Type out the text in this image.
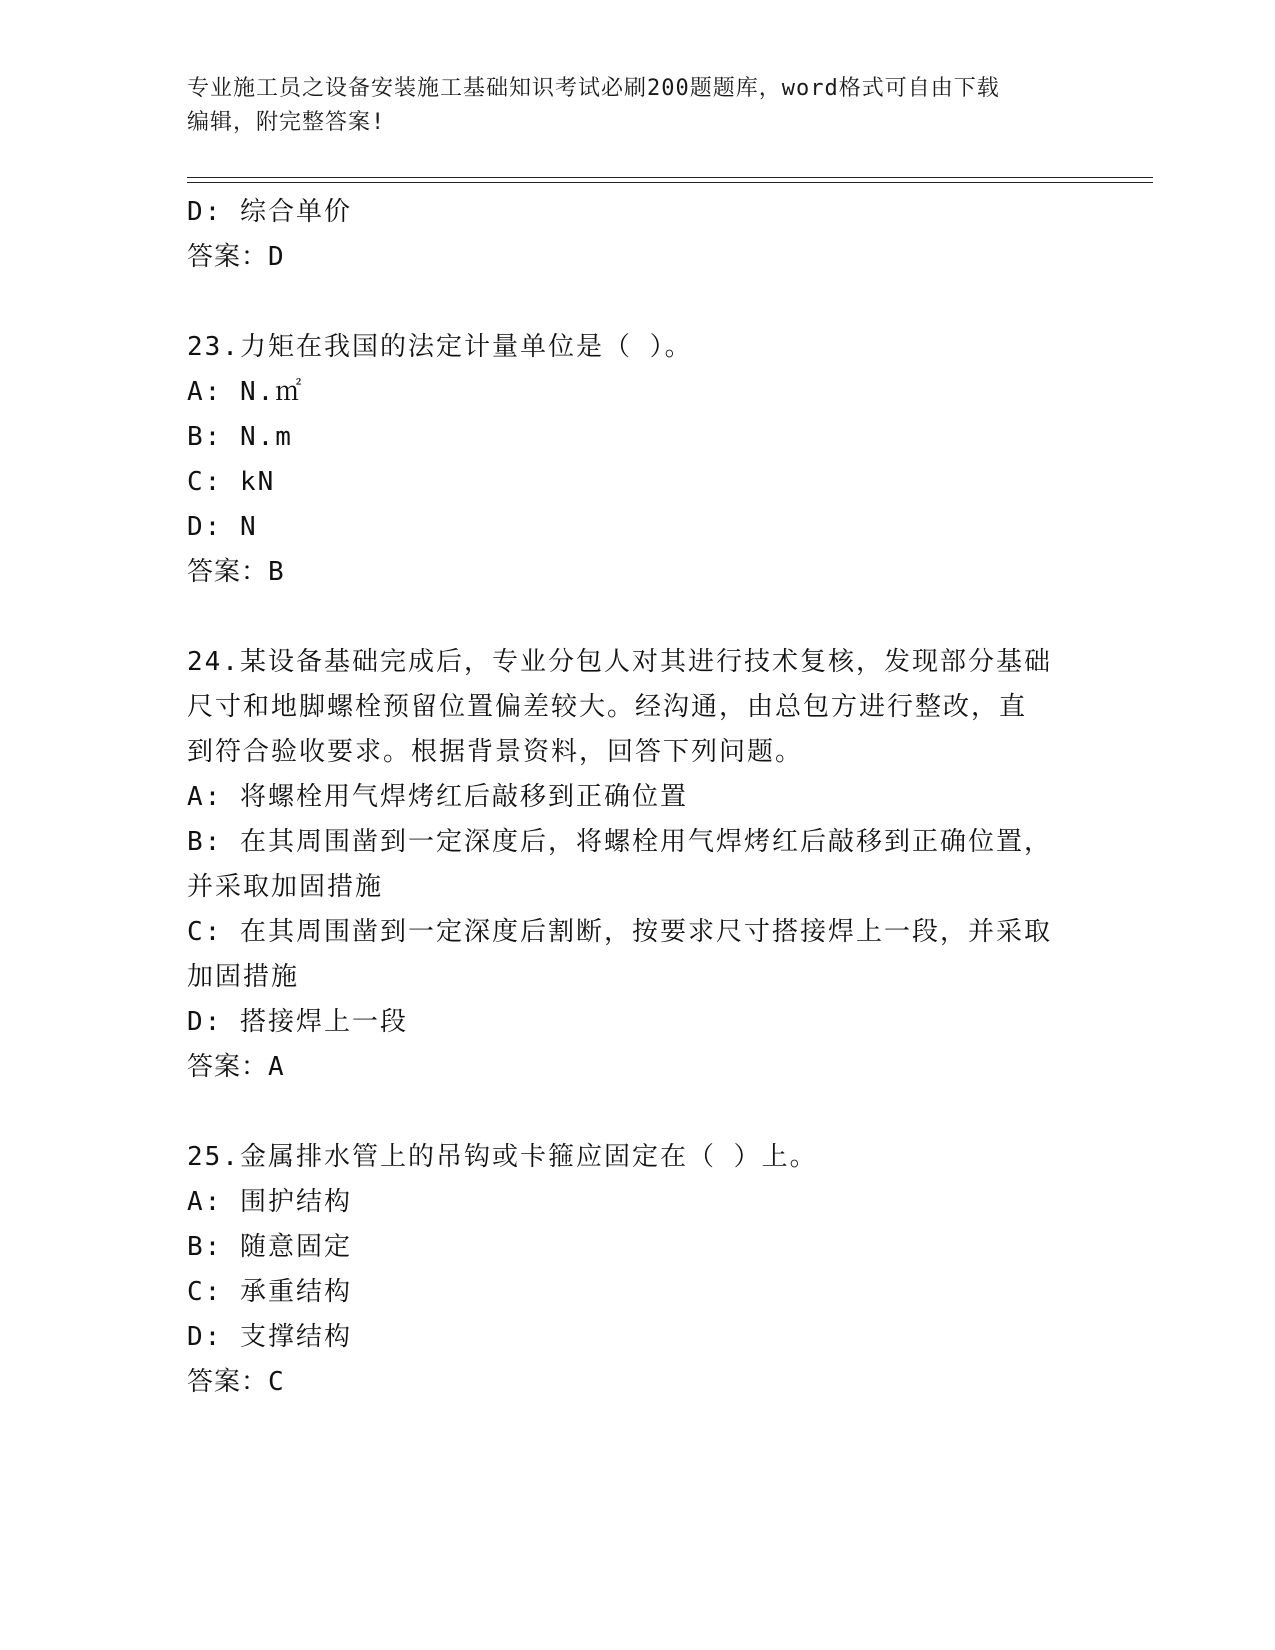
专业施工员之设备安装施工基础知识考试必刷200题题库，word格式可自由下载
编辑，附完整答案!
D: 综合单价
答案：D
23.力矩在我国的法定计量单位是（ ）。
A: N.㎡
B: N.m
C: kN
D: N
答案：B
24.某设备基础完成后，专业分包人对其进行技术复核，发现部分基础
尺寸和地脚螺栓预留位置偏差较大。经沟通，由总包方进行整改，直
到符合验收要求。根据背景资料，回答下列问题。
A: 将螺栓用气焊烤红后敲移到正确位置
B: 在其周围凿到一定深度后，将螺栓用气焊烤红后敲移到正确位置，
并采取加固措施
C: 在其周围凿到一定深度后割断，按要求尺寸搭接焊上一段，并采取
加固措施
D: 搭接焊上一段
答案：A
25.金属排水管上的吊钩或卡箍应固定在（ ）上。
A: 围护结构
B: 随意固定
C: 承重结构
D: 支撑结构
答案：C
